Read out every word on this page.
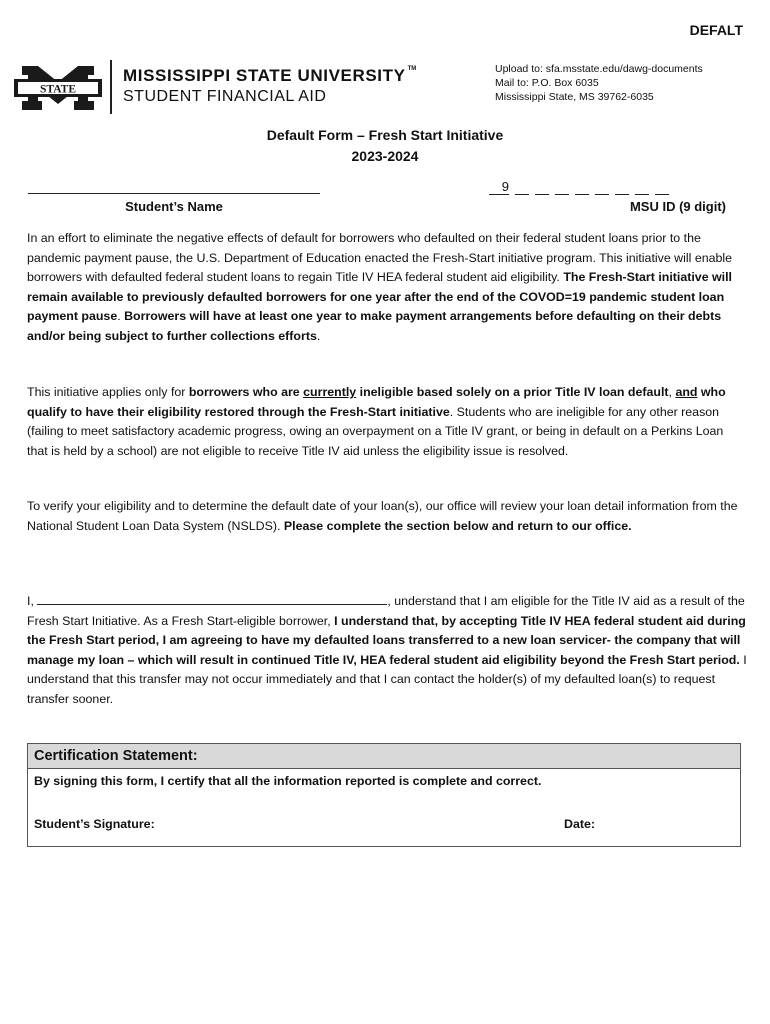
DEFALT
STATE
MISSISSIPPI STATE UNIVERSITY ™
STUDENT FINANCIAL AID
Upload to: sfa.msstate.edu/dawg-documents
Mail to: P.O. Box 6035
Mississippi State, MS 39762-6035
Default Form – Fresh Start Initiative
2023-2024
Student’s Name
9
MSU ID (9 digit)

In an effort to eliminate the negative effects of default for borrowers who defaulted on their federal student loans prior to the pandemic payment pause, the U.S. Department of Education enacted the Fresh-Start initiative program. This initiative will enable borrowers with defaulted federal student loans to regain Title IV HEA federal student aid eligibility. The Fresh-Start initiative will remain available to previously defaulted borrowers for one year after the end of the COVOD=19 pandemic student loan payment pause. Borrowers will have at least one year to make payment arrangements before defaulting on their debts and/or being subject to further collections efforts.

This initiative applies only for borrowers who are currently ineligible based solely on a prior Title IV loan default, and who qualify to have their eligibility restored through the Fresh-Start initiative. Students who are ineligible for any other reason (failing to meet satisfactory academic progress, owing an overpayment on a Title IV grant, or being in default on a Perkins Loan that is held by a school) are not eligible to receive Title IV aid unless the eligibility issue is resolved.

To verify your eligibility and to determine the default date of your loan(s), our office will review your loan detail information from the National Student Loan Data System (NSLDS). Please complete the section below and return to our office.

I,	, understand that I am eligible for the Title IV aid as a result of the Fresh Start Initiative. As a Fresh Start-eligible borrower, I understand that, by accepting Title IV HEA federal student aid during the Fresh Start period, I am agreeing to have my defaulted loans transferred to a new loan servicer- the company that will manage my loan – which will result in continued Title IV, HEA federal student aid eligibility beyond the Fresh Start period. I understand that this transfer may not occur immediately and that I can contact the holder(s) of my defaulted loan(s) to request transfer sooner.

Certification Statement:
By signing this form, I certify that all the information reported is complete and correct.
Student’s Signature:	Date:
